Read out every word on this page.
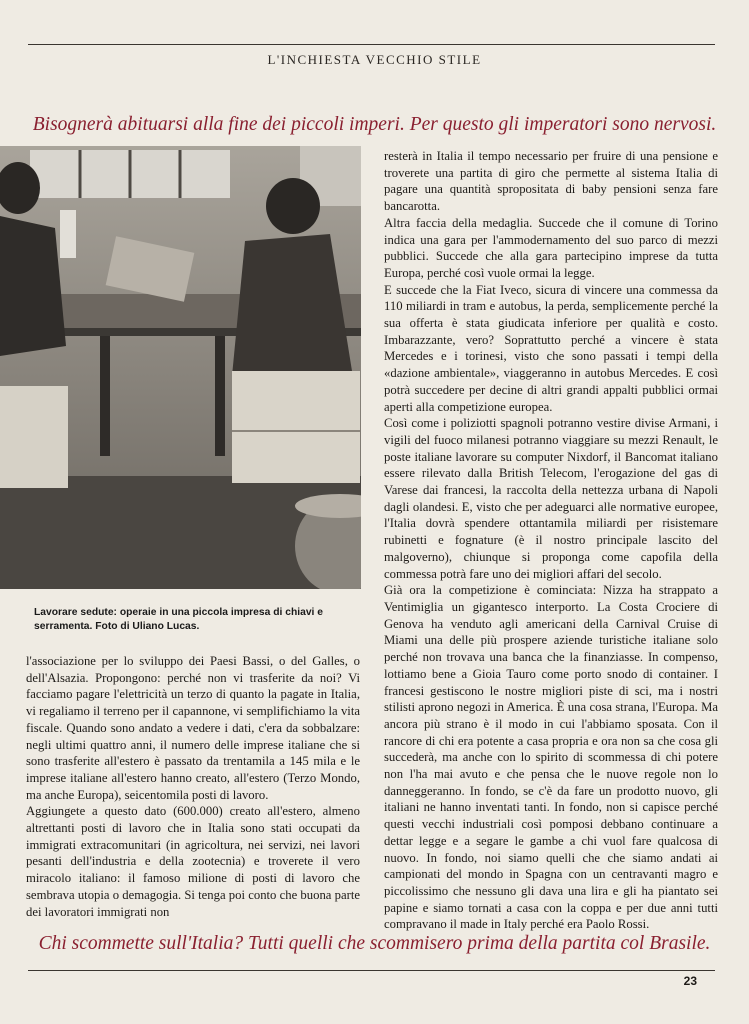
L'INCHIESTA VECCHIO STILE
Bisognerà abituarsi alla fine dei piccoli imperi. Per questo gli imperatori sono nervosi.
Lavorare sedute: operaie in una piccola impresa di chiavi e serramenta. Foto di Uliano Lucas.

resterà in Italia il tempo necessario per fruire di una pensione e troverete una partita di giro che permette al sistema Italia di pagare una quantità spropositata di baby pensioni senza fare bancarotta.

Altra faccia della medaglia. Succede che il comune di Torino indica una gara per l'ammodernamento del suo parco di mezzi pubblici. Succede che alla gara partecipino imprese da tutta Europa, perché così vuole ormai la legge.

E succede che la Fiat Iveco, sicura di vincere una commessa da 110 miliardi in tram e autobus, la perda, semplicemente perché la sua offerta è stata giudicata inferiore per qualità e costo. Imbarazzante, vero? Soprattutto perché a vincere è stata Mercedes e i torinesi, visto che sono passati i tempi della «dazione ambientale», viaggeranno in autobus Mercedes. E così potrà succedere per decine di altri grandi appalti pubblici ormai aperti alla competizione europea.

Così come i poliziotti spagnoli potranno vestire divise Armani, i vigili del fuoco milanesi potranno viaggiare su mezzi Renault, le poste italiane lavorare su computer Nixdorf, il Bancomat italiano essere rilevato dalla British Telecom, l'erogazione del gas di Varese dai francesi, la raccolta della nettezza urbana di Napoli dagli olandesi. E, visto che per adeguarci alle normative europee, l'Italia dovrà spendere ottantamila miliardi per risistemare rubinetti e fognature (è il nostro principale lascito del malgoverno), chiunque si proponga come capofila della commessa potrà fare uno dei migliori affari del secolo.

Già ora la competizione è cominciata: Nizza ha strappato a Ventimiglia un gigantesco interporto. La Costa Crociere di Genova ha venduto agli americani della Carnival Cruise di Miami una delle più prospere aziende turistiche italiane solo perché non trovava una banca che la finanziasse. In compenso, lottiamo bene a Gioia Tauro come porto snodo di container. I francesi gestiscono le nostre migliori piste di sci, ma i nostri stilisti aprono negozi in America. È una cosa strana, l'Europa. Ma ancora più strano è il modo in cui l'abbiamo sposata. Con il rancore di chi era potente a casa propria e ora non sa che cosa gli succederà, ma anche con lo spirito di scommessa di chi potere non l'ha mai avuto e che pensa che le nuove regole non lo danneggeranno. In fondo, se c'è da fare un prodotto nuovo, gli italiani ne hanno inventati tanti. In fondo, non si capisce perché questi vecchi industriali così pomposi debbano continuare a dettar legge e a segare le gambe a chi vuol fare qualcosa di nuovo. In fondo, noi siamo quelli che che siamo andati ai campionati del mondo in Spagna con un centravanti magro e piccolissimo che nessuno gli dava una lira e gli ha piantato sei papine e siamo tornati a casa con la coppa e per due anni tutti compravano il made in Italy perché era Paolo Rossi.

l'associazione per lo sviluppo dei Paesi Bassi, o del Galles, o dell'Alsazia. Propongono: perché non vi trasferite da noi? Vi facciamo pagare l'elettricità un terzo di quanto la pagate in Italia, vi regaliamo il terreno per il capannone, vi semplifichiamo la vita fiscale. Quando sono andato a vedere i dati, c'era da sobbalzare: negli ultimi quattro anni, il numero delle imprese italiane che si sono trasferite all'estero è passato da trentamila a 145 mila e le imprese italiane all'estero hanno creato, all'estero (Terzo Mondo, ma anche Europa), seicentomila posti di lavoro.

Aggiungete a questo dato (600.000) creato all'estero, almeno altrettanti posti di lavoro che in Italia sono stati occupati da immigrati extracomunitari (in agricoltura, nei servizi, nei lavori pesanti dell'industria e della zootecnia) e troverete il vero miracolo italiano: il famoso milione di posti di lavoro che sembrava utopia o demagogia. Si tenga poi conto che buona parte dei lavoratori immigrati non

Chi scommette sull'Italia? Tutti quelli che scommisero prima della partita col Brasile.
23
